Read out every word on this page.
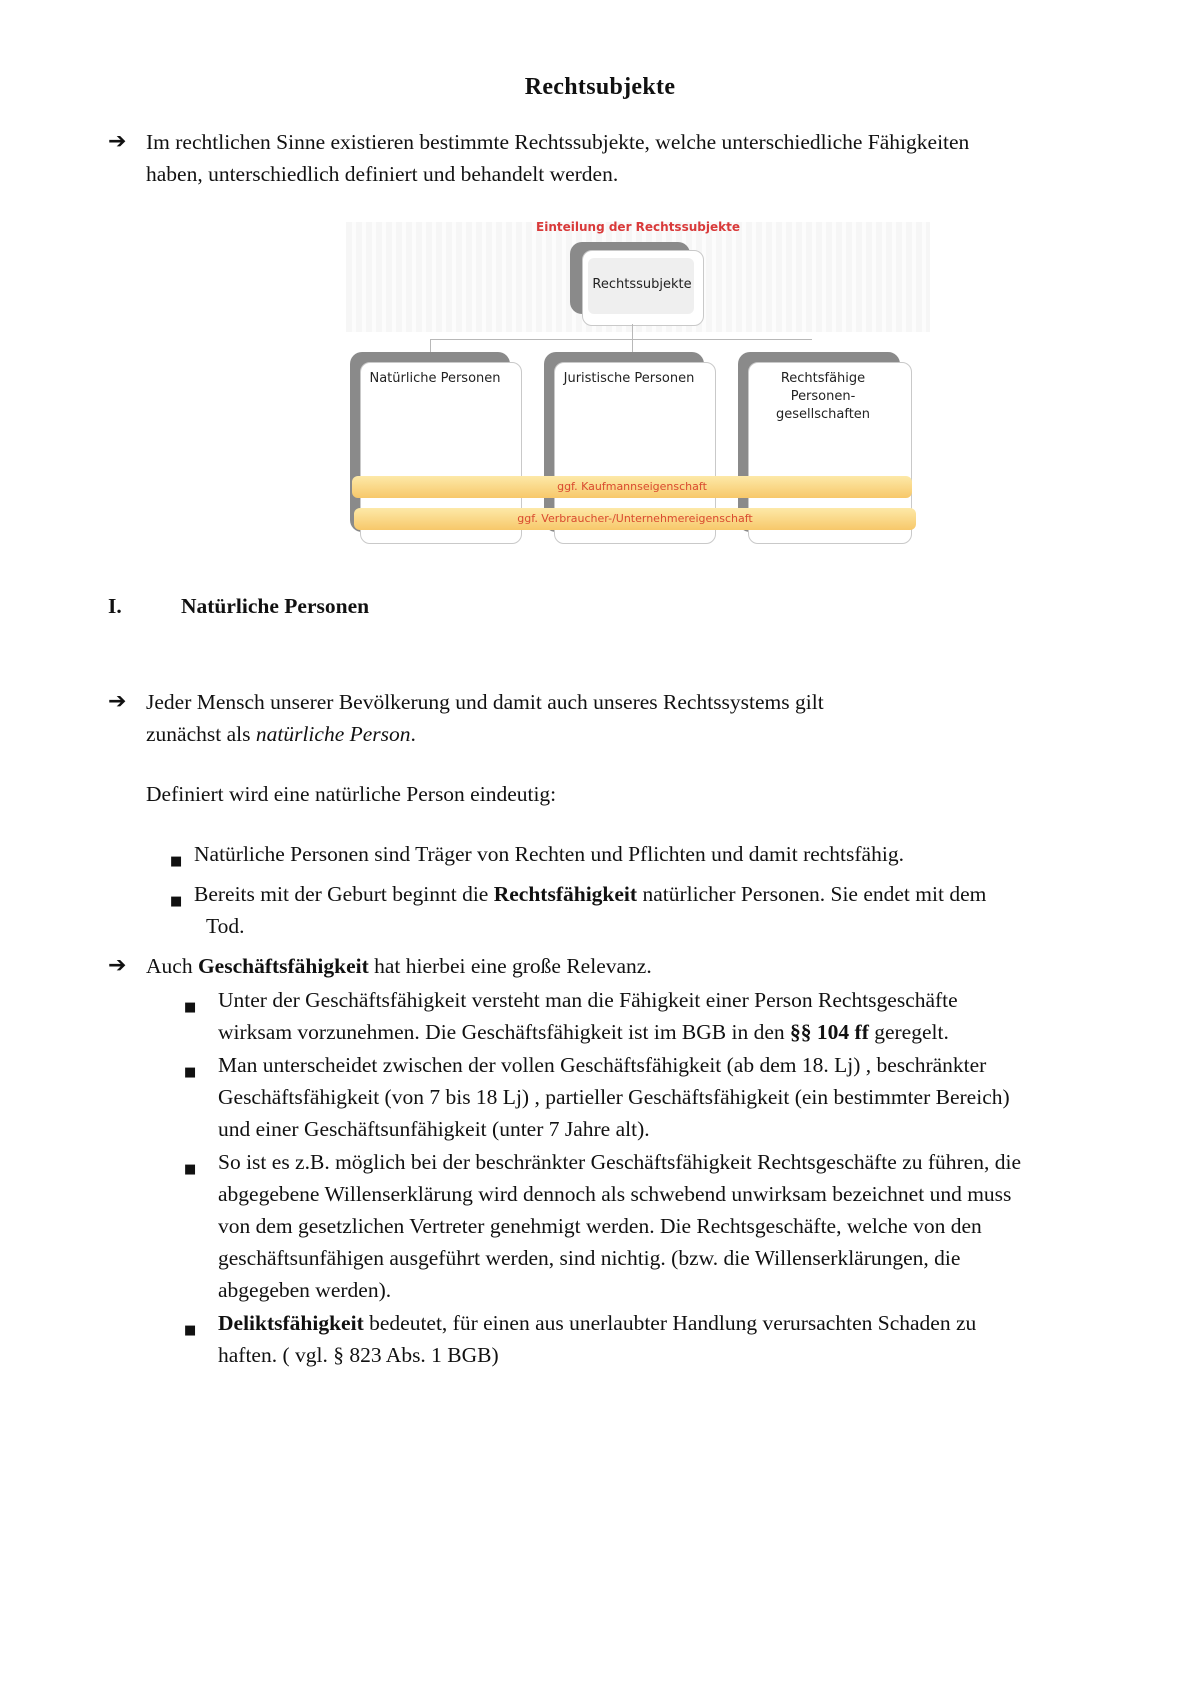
Rechtsubjekte
➔ Im rechtlichen Sinne existieren bestimmte Rechtssubjekte, welche unterschiedliche Fähigkeiten
haben, unterschiedlich definiert und behandelt werden.
Einteilung der Rechtssubjekte
Rechtssubjekte
Natürliche Personen	Juristische Personen	Rechtsfähige
Personen-
gesellschaften
ggf. Kaufmannseigenschaft
ggf. Verbraucher-/Unternehmereigenschaft
I.	Natürliche Personen
➔ Jeder Mensch unserer Bevölkerung und damit auch unseres Rechtssystems gilt
zunächst als natürliche Person.
Definiert wird eine natürliche Person eindeutig:
■ Natürliche Personen sind Träger von Rechten und Pflichten und damit rechtsfähig.
■ Bereits mit der Geburt beginnt die Rechtsfähigkeit natürlicher Personen. Sie endet mit dem
Tod.
➔ Auch Geschäftsfähigkeit hat hierbei eine große Relevanz.
■ Unter der Geschäftsfähigkeit versteht man die Fähigkeit einer Person Rechtsgeschäfte
wirksam vorzunehmen. Die Geschäftsfähigkeit ist im BGB in den §§ 104 ff geregelt.
■ Man unterscheidet zwischen der vollen Geschäftsfähigkeit (ab dem 18. Lj) , beschränkter
Geschäftsfähigkeit (von 7 bis 18 Lj) , partieller Geschäftsfähigkeit (ein bestimmter Bereich)
und einer Geschäftsunfähigkeit (unter 7 Jahre alt).
■ So ist es z.B. möglich bei der beschränkter Geschäftsfähigkeit Rechtsgeschäfte zu führen, die
abgegebene Willenserklärung wird dennoch als schwebend unwirksam bezeichnet und muss
von dem gesetzlichen Vertreter genehmigt werden. Die Rechtsgeschäfte, welche von den
geschäftsunfähigen ausgeführt werden, sind nichtig. (bzw. die Willenserklärungen, die
abgegeben werden).
■ Deliktsfähigkeit bedeutet, für einen aus unerlaubter Handlung verursachten Schaden zu
haften. ( vgl. § 823 Abs. 1 BGB)
